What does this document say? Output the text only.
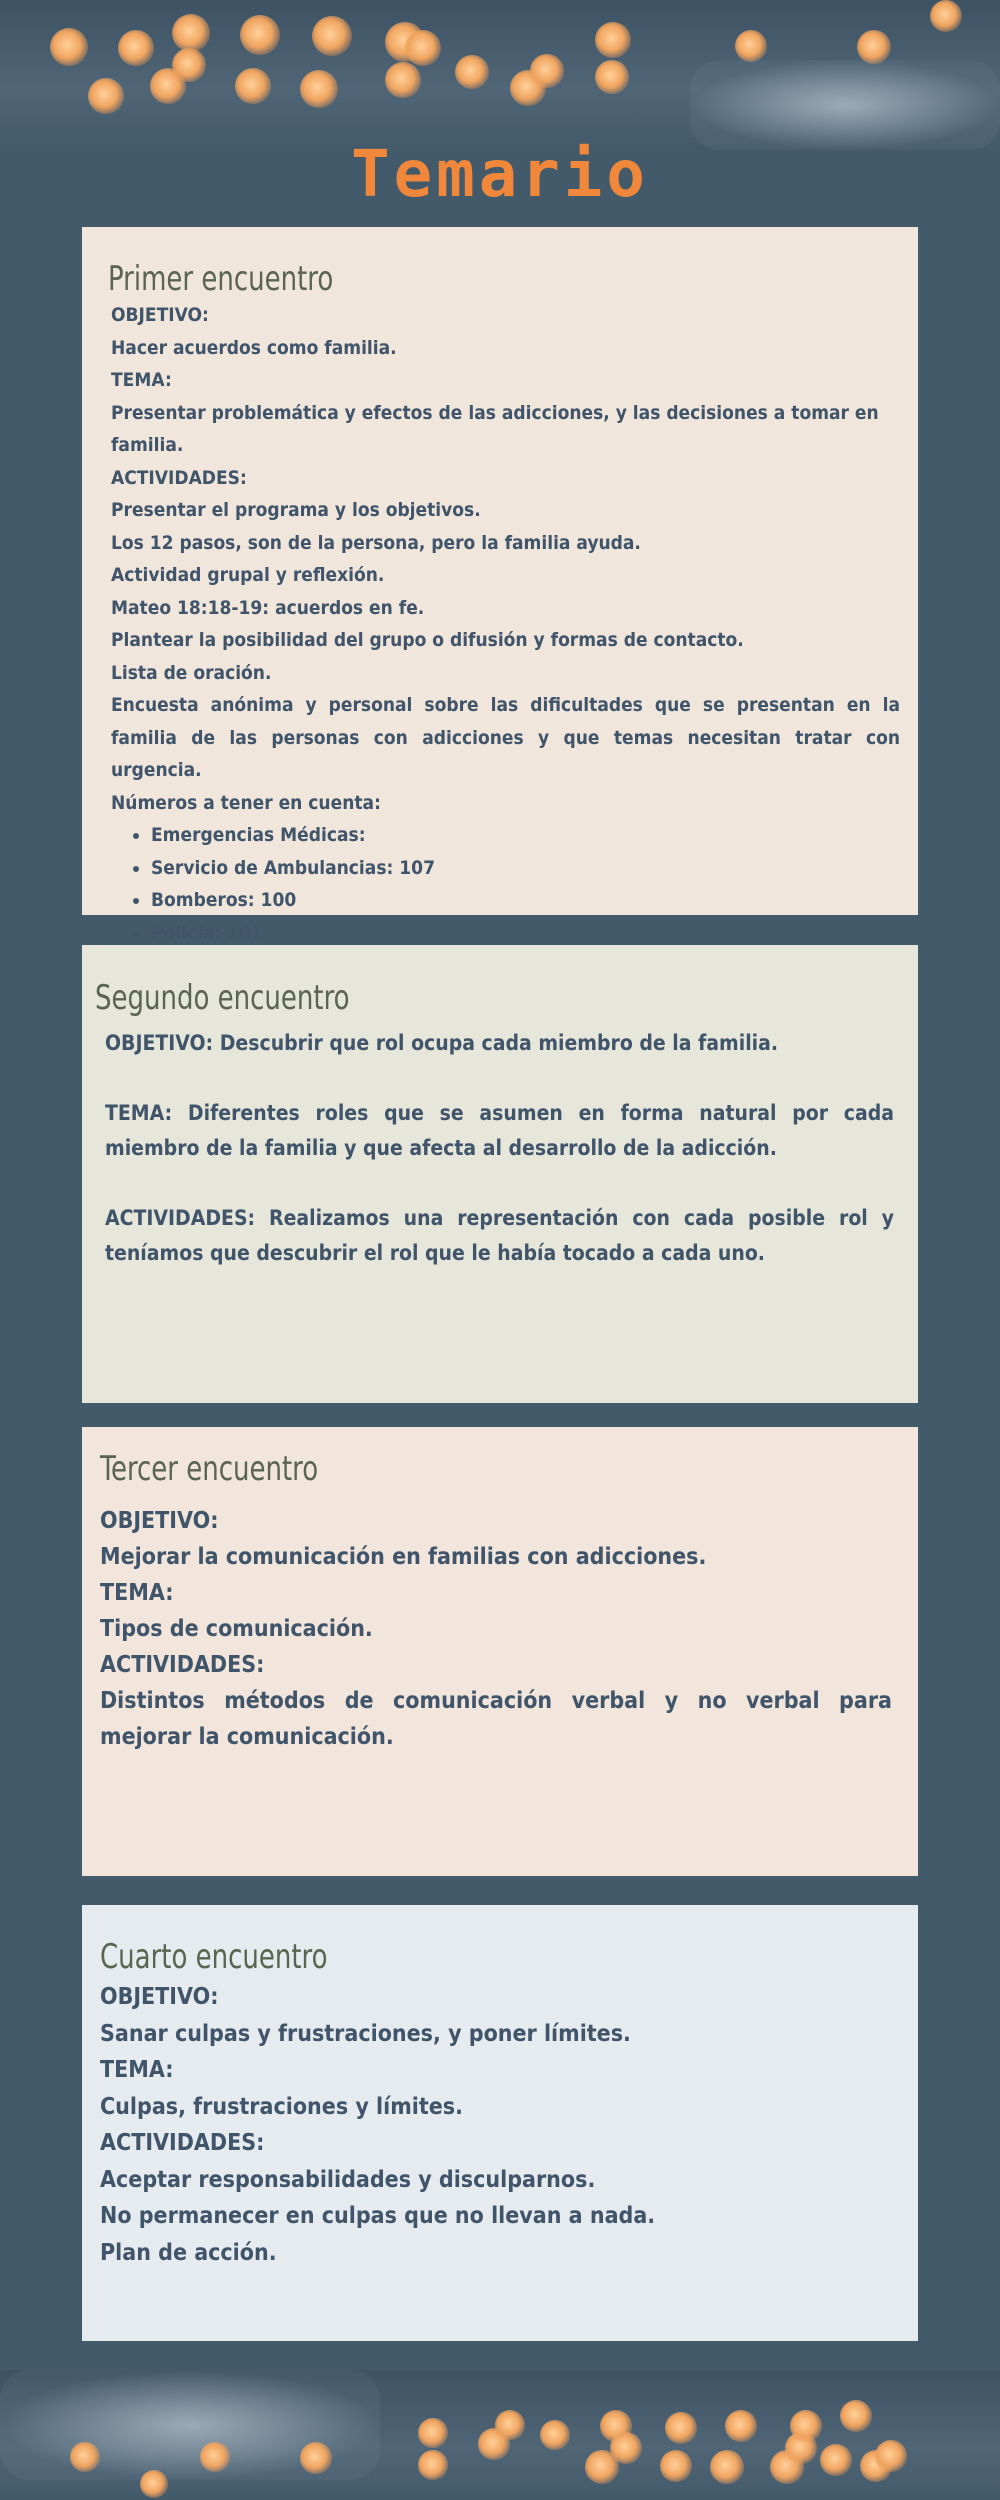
Temario
Primer encuentro

OBJETIVO:

Hacer acuerdos como familia.

TEMA:

Presentar problemática y efectos de las adicciones, y las decisiones a tomar en familia.

ACTIVIDADES:

Presentar el programa y los objetivos.

Los 12 pasos, son de la persona, pero la familia ayuda.

Actividad grupal y reflexión.

Mateo 18:18-19: acuerdos en fe.

Plantear la posibilidad del grupo o difusión y formas de contacto.

Lista de oración.

Encuesta anónima y personal sobre las dificultades que se presentan en la familia de las personas con adicciones y que temas necesitan tratar con urgencia.

Números a tener en cuenta:

• Emergencias Médicas:
• Servicio de Ambulancias: 107
• Bomberos: 100
• Policía: 101
Segundo encuentro

OBJETIVO: Descubrir que rol ocupa cada miembro de la familia.

TEMA: Diferentes roles que se asumen en forma natural por cada miembro de la familia y que afecta al desarrollo de la adicción.

ACTIVIDADES: Realizamos una representación con cada posible rol y teníamos que descubrir el rol que le había tocado a cada uno.

Tercer encuentro

OBJETIVO:

Mejorar la comunicación en familias con adicciones.

TEMA:

Tipos de comunicación.

ACTIVIDADES:

Distintos métodos de comunicación verbal y no verbal para mejorar la comunicación.

Cuarto encuentro

OBJETIVO:

Sanar culpas y frustraciones, y poner límites.

TEMA:

Culpas, frustraciones y límites.

ACTIVIDADES:

Aceptar responsabilidades y disculparnos.

No permanecer en culpas que no llevan a nada.

Plan de acción.
